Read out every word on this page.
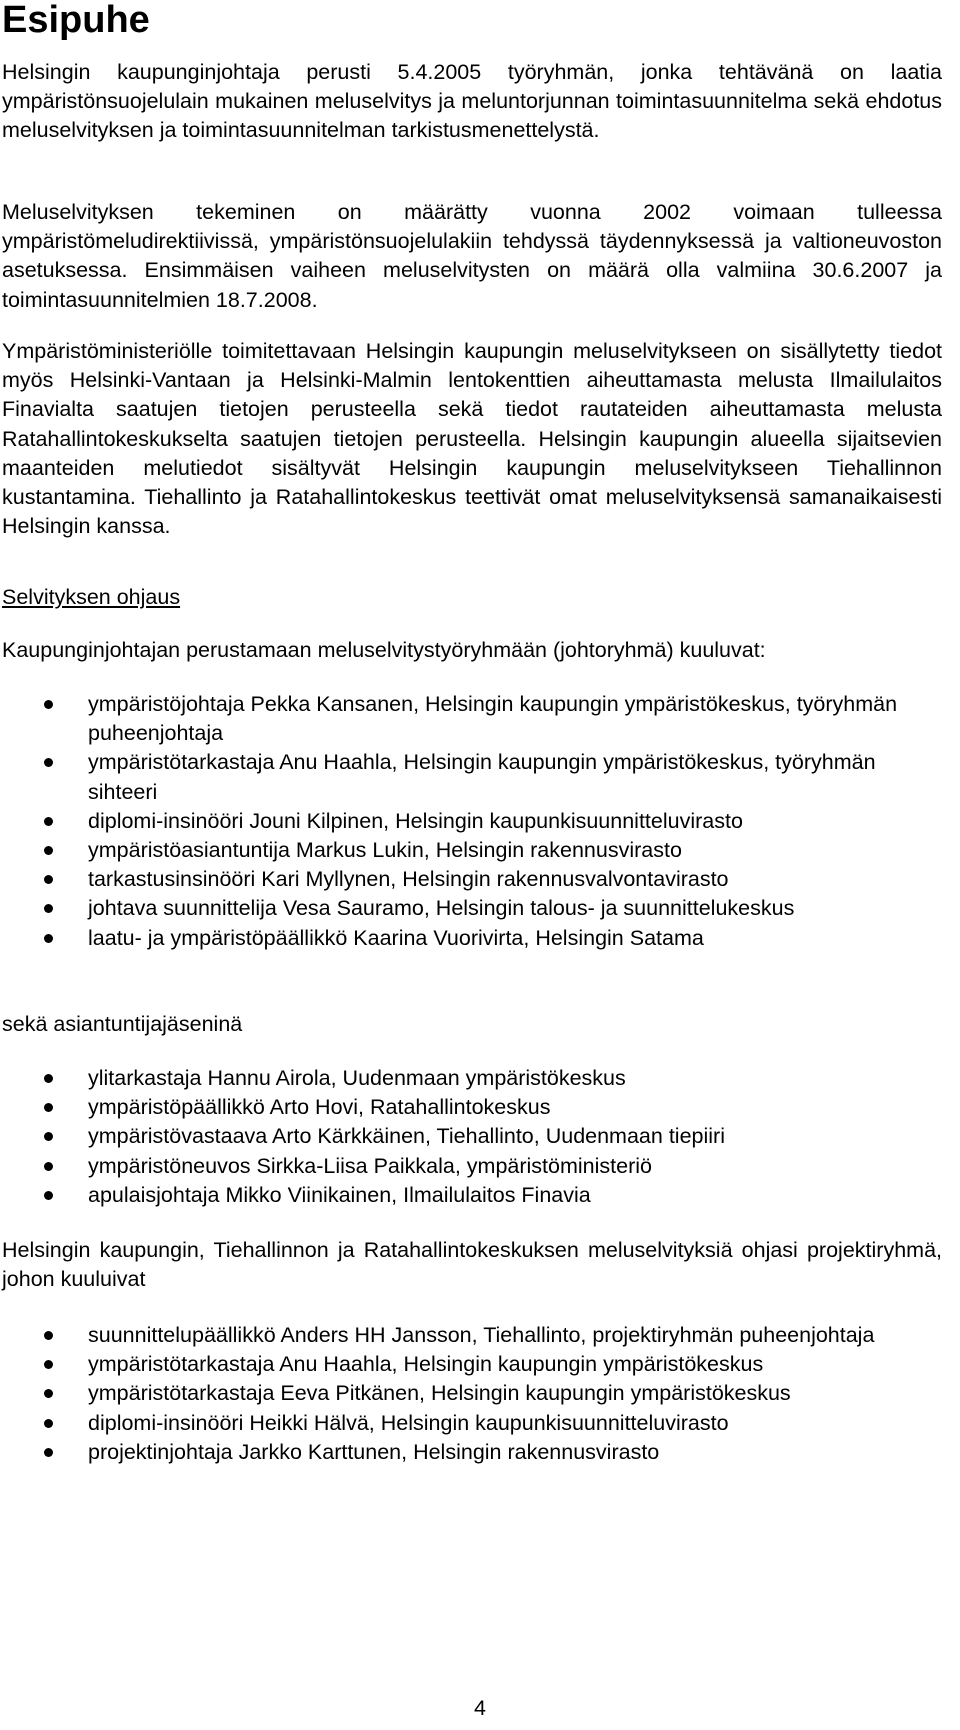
Esipuhe

Helsingin kaupunginjohtaja perusti 5.4.2005 työryhmän, jonka tehtävänä on laatia ympäristönsuojelulain mukainen meluselvitys ja meluntorjunnan toimintasuunnitelma sekä ehdotus meluselvityksen ja toimintasuunnitelman tarkistusmenettelystä.

Meluselvityksen tekeminen on määrätty vuonna 2002 voimaan tulleessa ympäristömeludirektiivissä, ympäristönsuojelulakiin tehdyssä täydennyksessä ja valtioneuvoston asetuksessa. Ensimmäisen vaiheen meluselvitysten on määrä olla valmiina 30.6.2007 ja toimintasuunnitelmien 18.7.2008.

Ympäristöministeriölle toimitettavaan Helsingin kaupungin meluselvitykseen on sisällytetty tiedot myös Helsinki-Vantaan ja Helsinki-Malmin lentokenttien aiheuttamasta melusta Ilmailulaitos Finavialta saatujen tietojen perusteella sekä tiedot rautateiden aiheuttamasta melusta Ratahallintokeskukselta saatujen tietojen perusteella. Helsingin kaupungin alueella sijaitsevien maanteiden melutiedot sisältyvät Helsingin kaupungin meluselvitykseen Tiehallinnon kustantamina. Tiehallinto ja Ratahallintokeskus teettivät omat meluselvityksensä samanaikaisesti Helsingin kanssa.

Selvityksen ohjaus

Kaupunginjohtajan perustamaan meluselvitystyöryhmään (johtoryhmä) kuuluvat:

ympäristöjohtaja Pekka Kansanen, Helsingin kaupungin ympäristökeskus, työryhmän puheenjohtaja
ympäristötarkastaja Anu Haahla, Helsingin kaupungin ympäristökeskus, työryhmän sihteeri
diplomi-insinööri Jouni Kilpinen, Helsingin kaupunkisuunnitteluvirasto
ympäristöasiantuntija Markus Lukin, Helsingin rakennusvirasto
tarkastusinsinööri Kari Myllynen, Helsingin rakennusvalvontavirasto
johtava suunnittelija Vesa Sauramo, Helsingin talous- ja suunnittelukeskus
laatu- ja ympäristöpäällikkö Kaarina Vuorivirta, Helsingin Satama

sekä asiantuntijajäseninä

ylitarkastaja Hannu Airola, Uudenmaan ympäristökeskus
ympäristöpäällikkö Arto Hovi, Ratahallintokeskus
ympäristövastaava Arto Kärkkäinen, Tiehallinto, Uudenmaan tiepiiri
ympäristöneuvos Sirkka-Liisa Paikkala, ympäristöministeriö
apulaisjohtaja Mikko Viinikainen, Ilmailulaitos Finavia

Helsingin kaupungin, Tiehallinnon ja Ratahallintokeskuksen meluselvityksiä ohjasi projektiryhmä, johon kuuluivat

suunnittelupäällikkö Anders HH Jansson, Tiehallinto, projektiryhmän puheenjohtaja
ympäristötarkastaja Anu Haahla, Helsingin kaupungin ympäristökeskus
ympäristötarkastaja Eeva Pitkänen, Helsingin kaupungin ympäristökeskus
diplomi-insinööri Heikki Hälvä, Helsingin kaupunkisuunnitteluvirasto
projektinjohtaja Jarkko Karttunen, Helsingin rakennusvirasto
4
